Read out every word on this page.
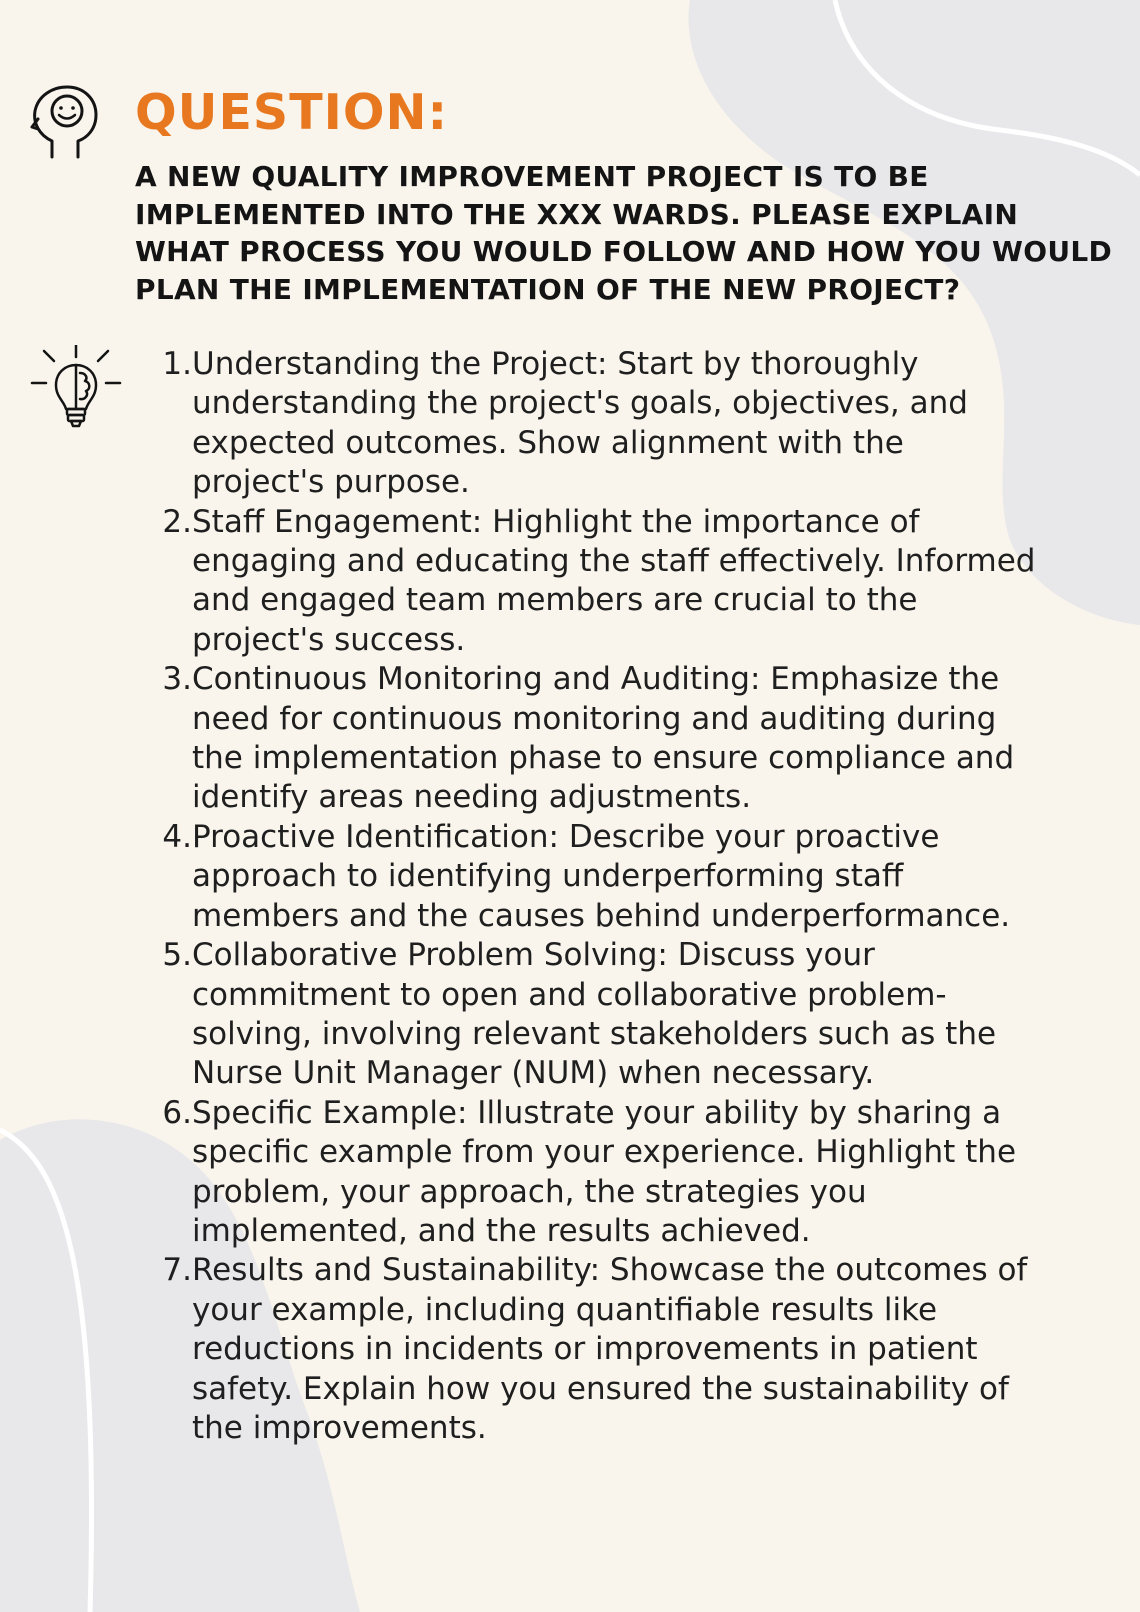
QUESTION:

A NEW QUALITY IMPROVEMENT PROJECT IS TO BE IMPLEMENTED INTO THE XXX WARDS. PLEASE EXPLAIN WHAT PROCESS YOU WOULD FOLLOW AND HOW YOU WOULD PLAN THE IMPLEMENTATION OF THE NEW PROJECT?

1. Understanding the Project: Start by thoroughly understanding the project's goals, objectives, and expected outcomes. Show alignment with the project's purpose.
2. Staff Engagement: Highlight the importance of engaging and educating the staff effectively. Informed and engaged team members are crucial to the project's success.
3. Continuous Monitoring and Auditing: Emphasize the need for continuous monitoring and auditing during the implementation phase to ensure compliance and identify areas needing adjustments.
4. Proactive Identification: Describe your proactive approach to identifying underperforming staff members and the causes behind underperformance.
5. Collaborative Problem Solving: Discuss your commitment to open and collaborative problem-solving, involving relevant stakeholders such as the Nurse Unit Manager (NUM) when necessary.
6. Specific Example: Illustrate your ability by sharing a specific example from your experience. Highlight the problem, your approach, the strategies you implemented, and the results achieved.
7. Results and Sustainability: Showcase the outcomes of your example, including quantifiable results like reductions in incidents or improvements in patient safety. Explain how you ensured the sustainability of the improvements.
